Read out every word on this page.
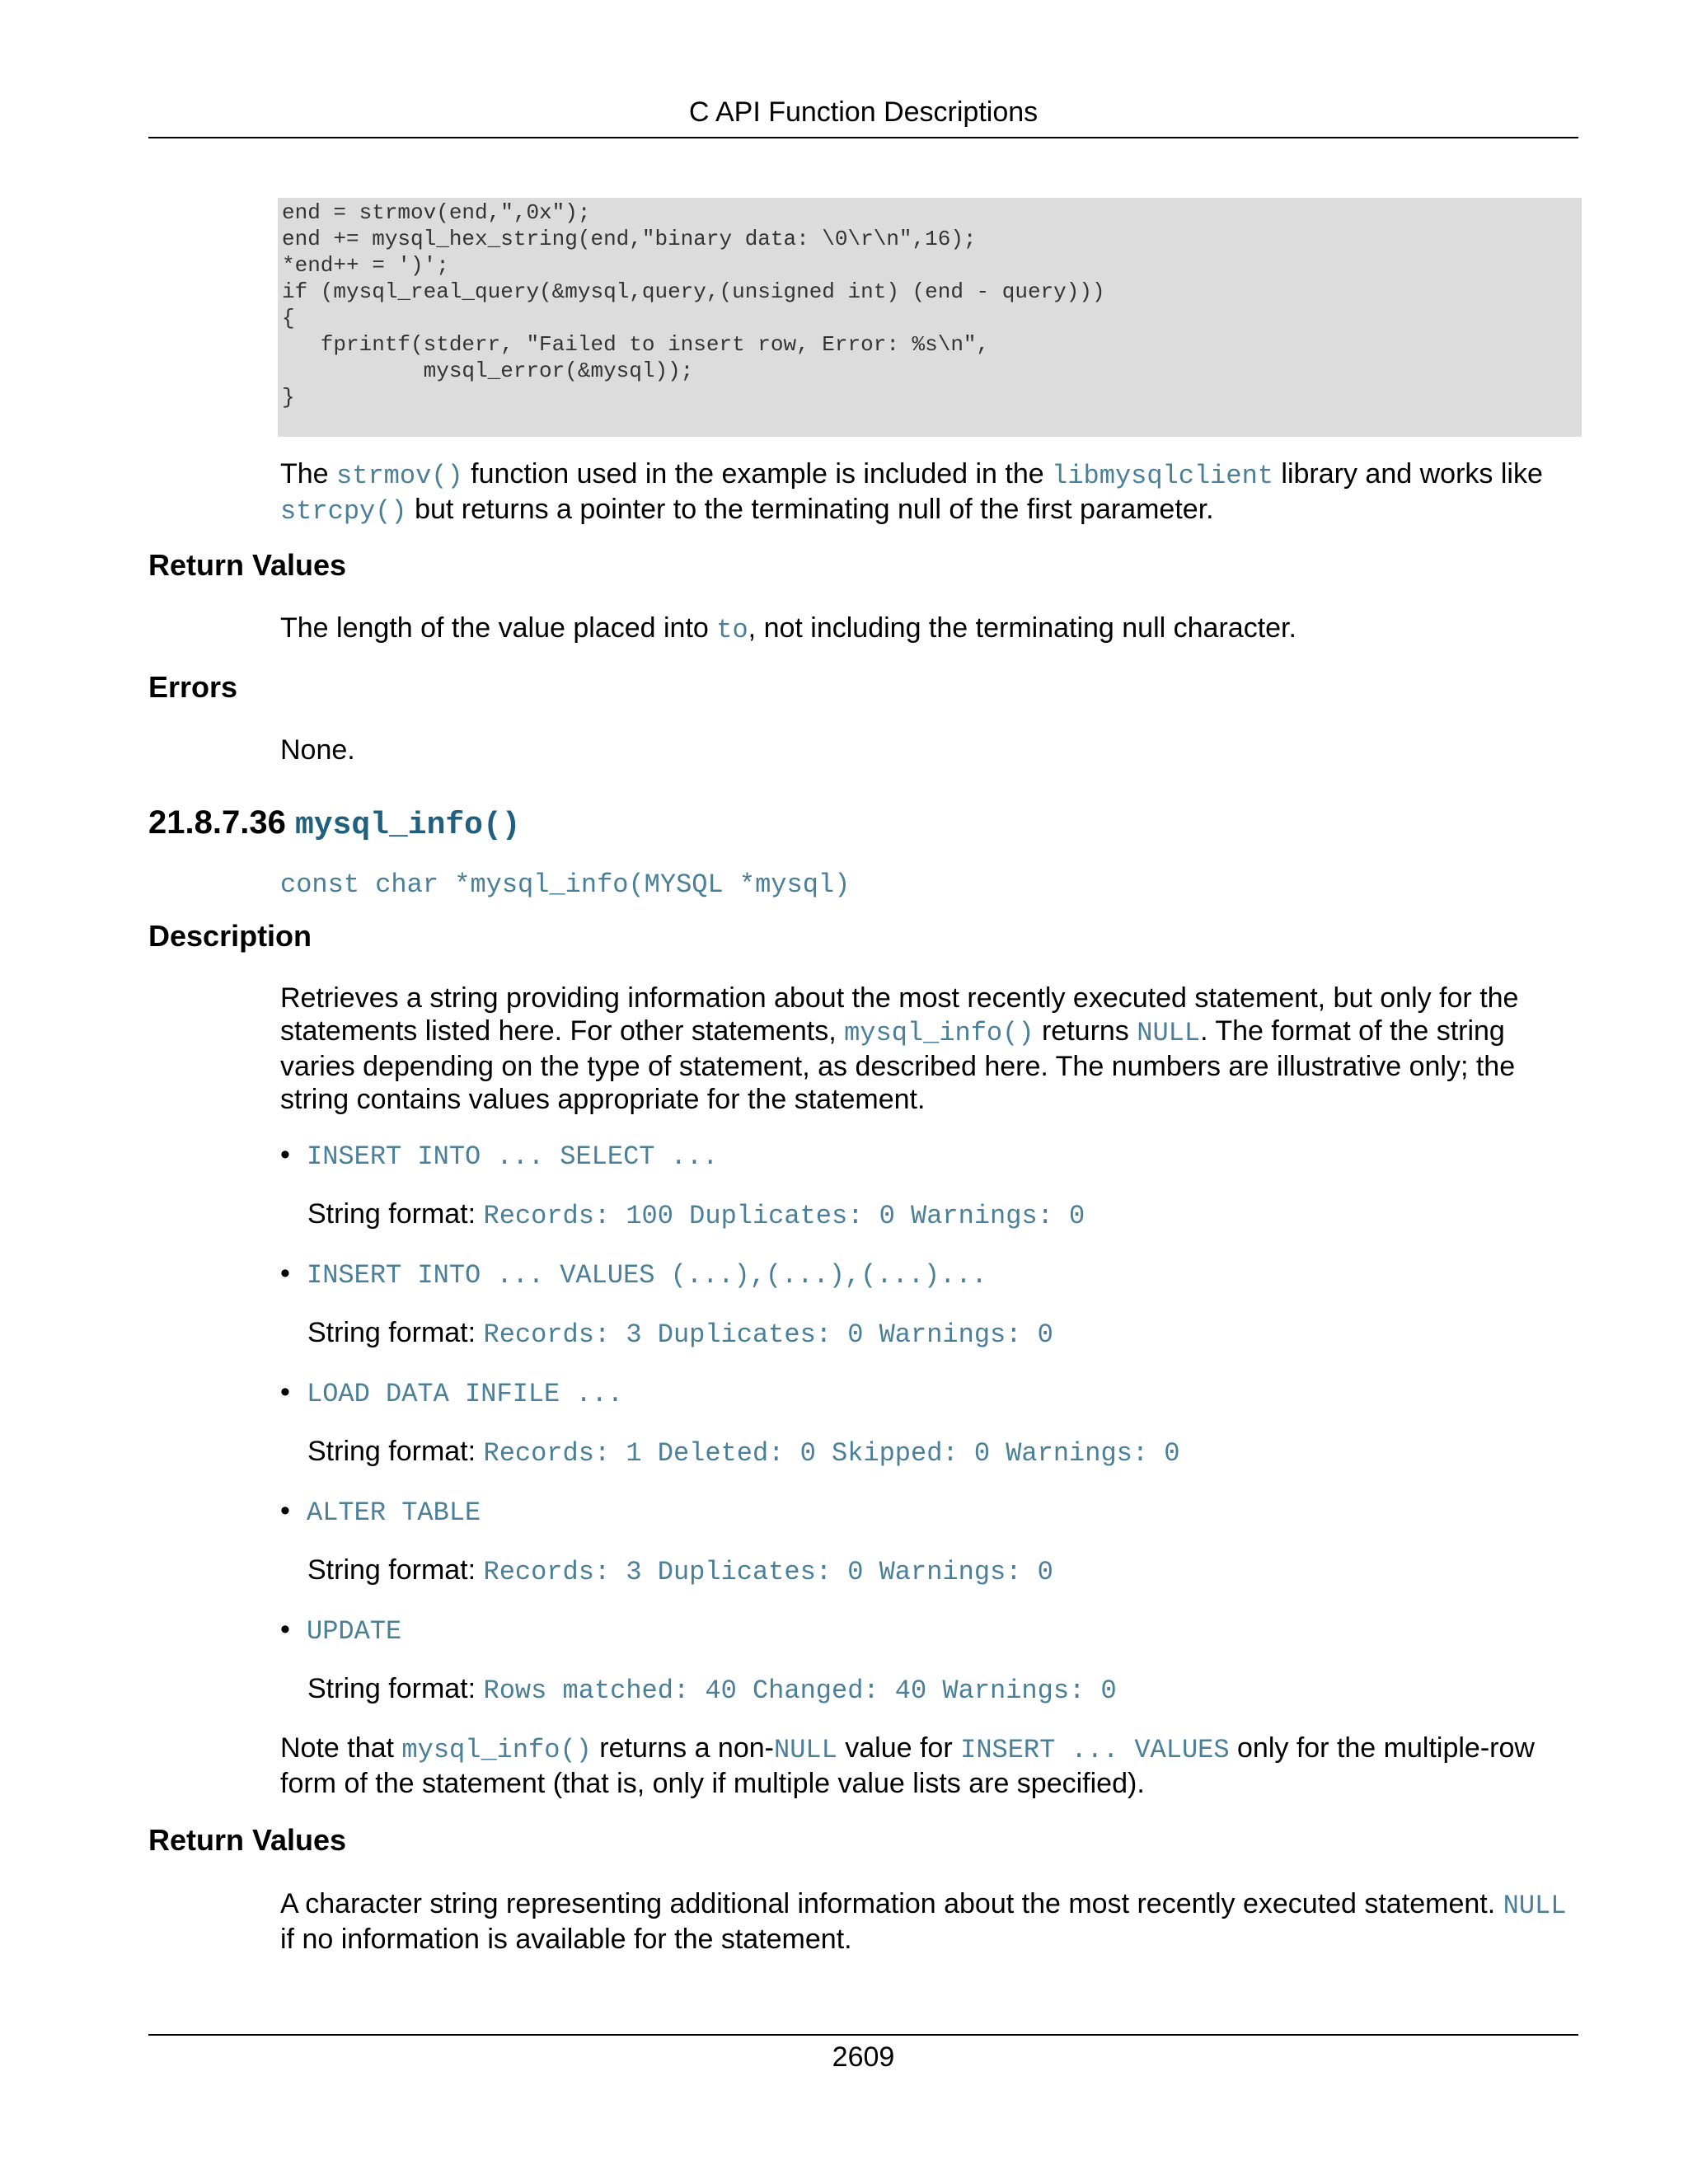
C API Function Descriptions
end = strmov(end,",0x");
end += mysql_hex_string(end,"binary data: \0\r\n",16);
*end++ = ')';
if (mysql_real_query(&mysql,query,(unsigned int) (end - query)))
{
fprintf(stderr, "Failed to insert row, Error: %s\n",
mysql_error(&mysql));
}
The strmov() function used in the example is included in the libmysqlclient library and works like strcpy() but returns a pointer to the terminating null of the first parameter.
Return Values
The length of the value placed into to, not including the terminating null character.
Errors
None.
21.8.7.36 mysql_info()
const char *mysql_info(MYSQL *mysql)
Description
Retrieves a string providing information about the most recently executed statement, but only for the statements listed here. For other statements, mysql_info() returns NULL. The format of the string varies depending on the type of statement, as described here. The numbers are illustrative only; the string contains values appropriate for the statement.
• INSERT INTO ... SELECT ...
String format: Records: 100 Duplicates: 0 Warnings: 0
• INSERT INTO ... VALUES (...),(...),(...)...
String format: Records: 3 Duplicates: 0 Warnings: 0
• LOAD DATA INFILE ...
String format: Records: 1 Deleted: 0 Skipped: 0 Warnings: 0
• ALTER TABLE
String format: Records: 3 Duplicates: 0 Warnings: 0
• UPDATE
String format: Rows matched: 40 Changed: 40 Warnings: 0
Note that mysql_info() returns a non-NULL value for INSERT ... VALUES only for the multiple-row form of the statement (that is, only if multiple value lists are specified).
Return Values
A character string representing additional information about the most recently executed statement. NULL if no information is available for the statement.
2609
